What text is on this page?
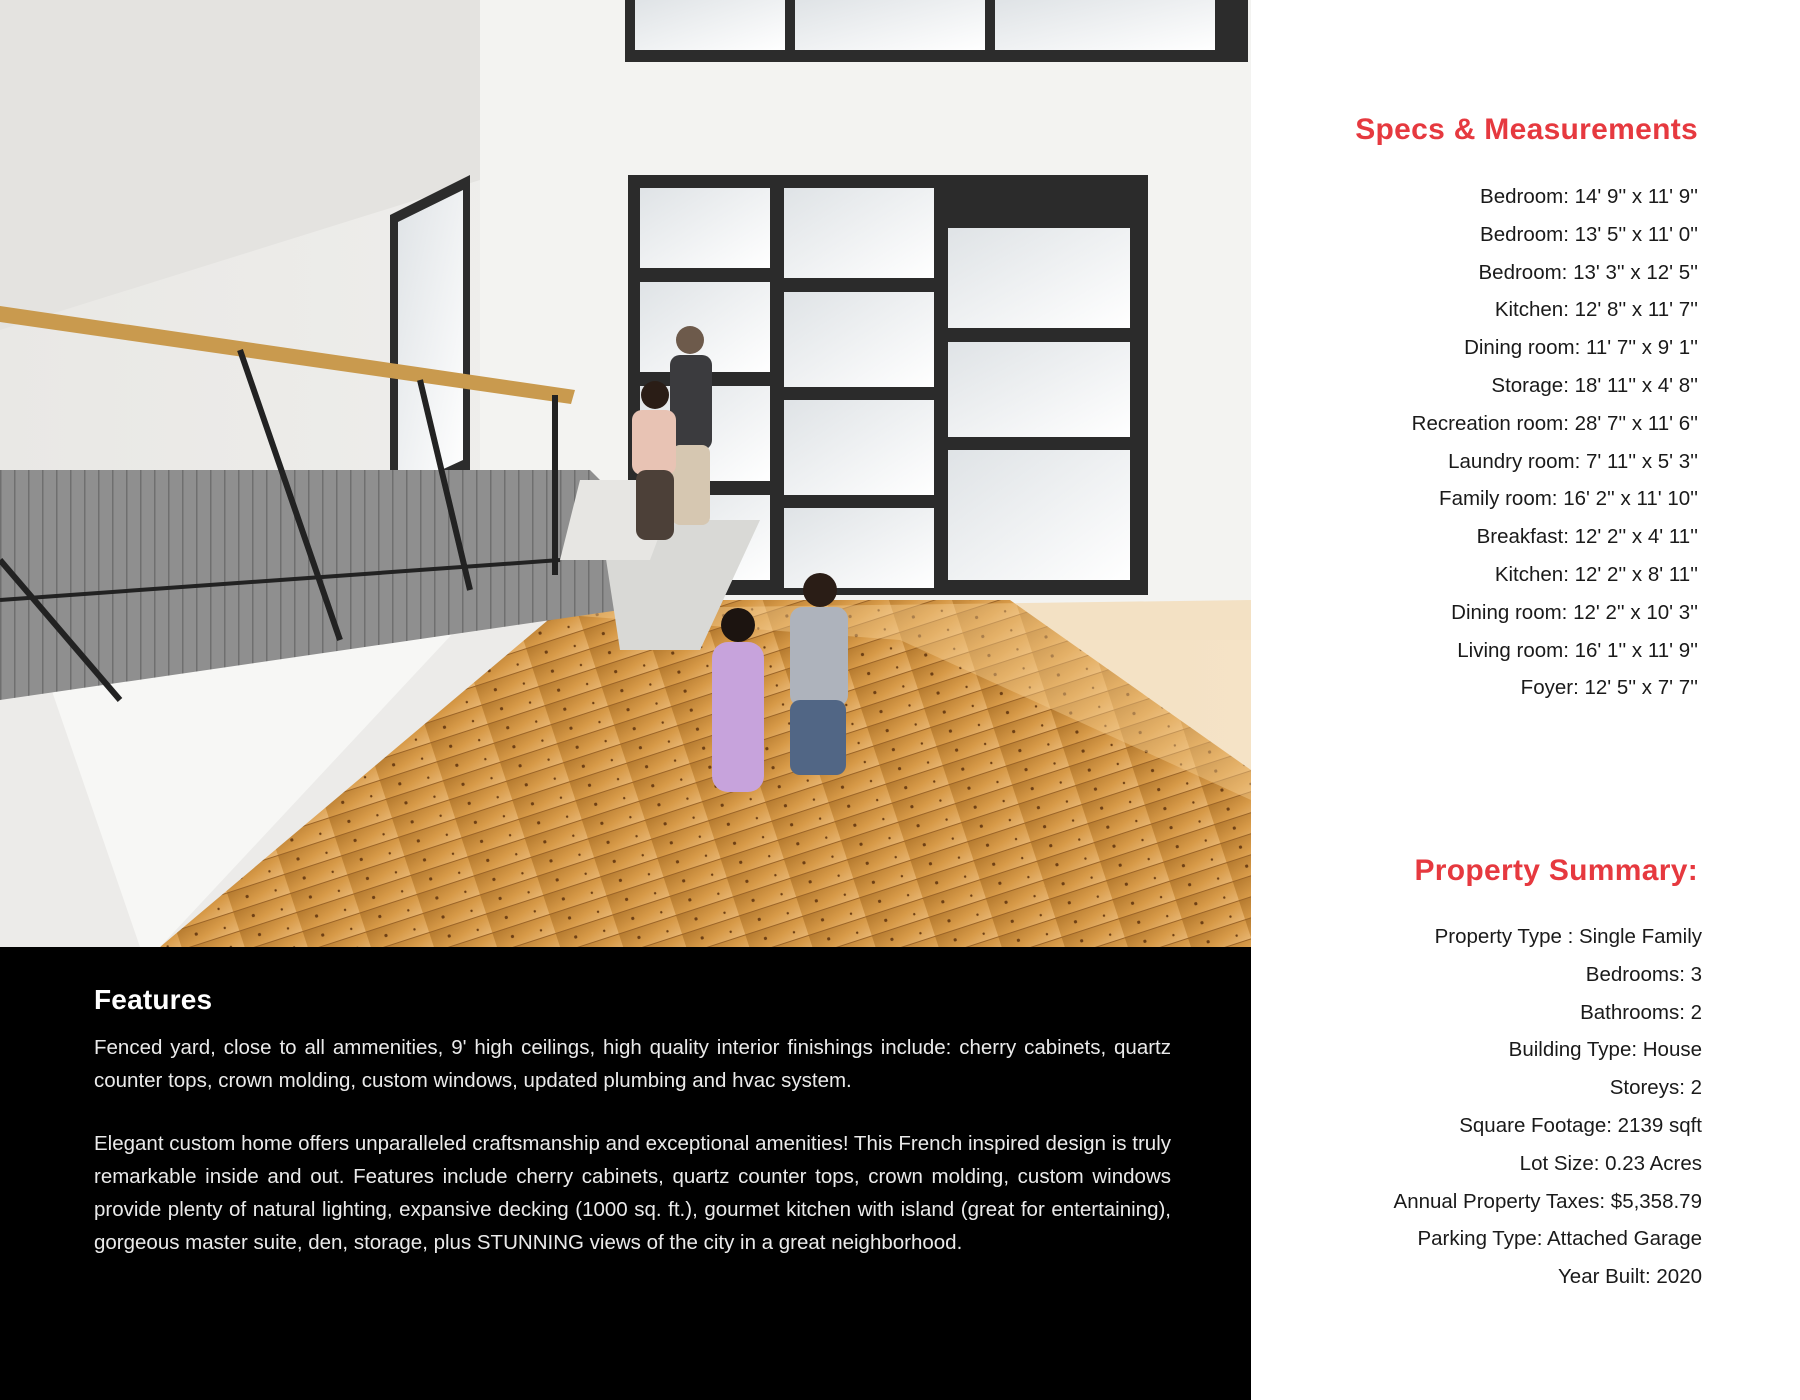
Features

Fenced yard, close to all ammenities, 9' high ceilings, high quality interior finishings include: cherry cabinets, quartz counter tops, crown molding, custom windows, updated plumbing and hvac system.

Elegant custom home offers unparalleled craftsmanship and exceptional amenities! This French inspired design is truly remarkable inside and out. Features include cherry cabinets, quartz counter tops, crown molding, custom windows provide plenty of natural lighting, expansive decking (1000 sq. ft.), gourmet kitchen with island (great for entertaining), gorgeous master suite, den, storage, plus STUNNING views of the city in a great neighborhood.

Specs & Measurements
Bedroom: 14' 9'' x 11' 9''
Bedroom: 13' 5'' x 11' 0''
Bedroom: 13' 3'' x 12' 5''
Kitchen: 12' 8'' x 11' 7''
Dining room: 11' 7'' x 9' 1''
Storage: 18' 11'' x 4' 8''
Recreation room: 28' 7'' x 11' 6''
Laundry room: 7' 11'' x 5' 3''
Family room: 16' 2'' x 11' 10''
Breakfast: 12' 2'' x 4' 11''
Kitchen: 12' 2'' x 8' 11''
Dining room: 12' 2'' x 10' 3''
Living room: 16' 1'' x 11' 9''
Foyer: 12' 5'' x 7' 7''
Property Summary:
Property Type : Single Family
Bedrooms: 3
Bathrooms: 2
Building Type: House
Storeys: 2
Square Footage: 2139 sqft
Lot Size: 0.23 Acres
Annual Property Taxes: $5,358.79
Parking Type: Attached Garage
Year Built: 2020
